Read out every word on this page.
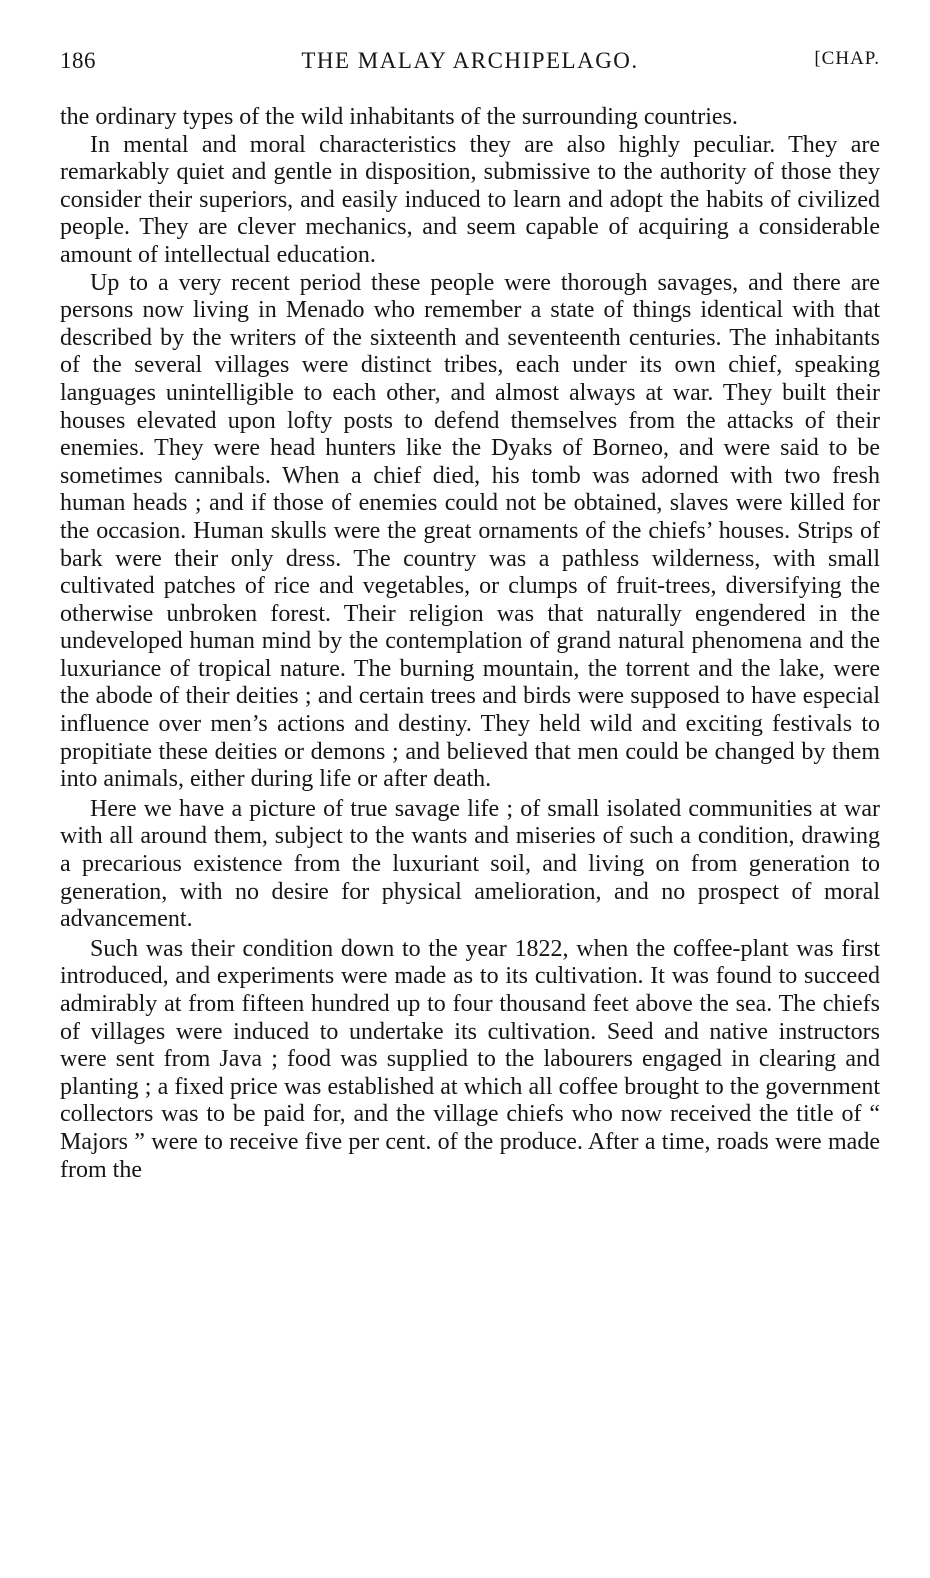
186	THE MALAY ARCHIPELAGO.	[CHAP.

the ordinary types of the wild inhabitants of the surrounding countries.

In mental and moral characteristics they are also highly peculiar. They are remarkably quiet and gentle in disposition, submissive to the authority of those they consider their superiors, and easily induced to learn and adopt the habits of civilized people. They are clever mechanics, and seem capable of acquiring a considerable amount of intellectual education.

Up to a very recent period these people were thorough savages, and there are persons now living in Menado who remember a state of things identical with that described by the writers of the sixteenth and seventeenth centuries. The inhabitants of the several villages were distinct tribes, each under its own chief, speaking languages unintelligible to each other, and almost always at war. They built their houses elevated upon lofty posts to defend themselves from the attacks of their enemies. They were head hunters like the Dyaks of Borneo, and were said to be sometimes cannibals. When a chief died, his tomb was adorned with two fresh human heads ; and if those of enemies could not be obtained, slaves were killed for the occasion. Human skulls were the great ornaments of the chiefs’ houses. Strips of bark were their only dress. The country was a pathless wilderness, with small cultivated patches of rice and vegetables, or clumps of fruit-trees, diversifying the otherwise unbroken forest. Their religion was that naturally engendered in the undeveloped human mind by the contemplation of grand natural phenomena and the luxuriance of tropical nature. The burning mountain, the torrent and the lake, were the abode of their deities ; and certain trees and birds were supposed to have especial influence over men’s actions and destiny. They held wild and exciting festivals to propitiate these deities or demons ; and believed that men could be changed by them into animals, either during life or after death.

Here we have a picture of true savage life ; of small isolated communities at war with all around them, subject to the wants and miseries of such a condition, drawing a precarious existence from the luxuriant soil, and living on from generation to generation, with no desire for physical amelioration, and no prospect of moral advancement.

Such was their condition down to the year 1822, when the coffee-plant was first introduced, and experiments were made as to its cultivation. It was found to succeed admirably at from fifteen hundred up to four thousand feet above the sea. The chiefs of villages were induced to undertake its cultivation. Seed and native instructors were sent from Java ; food was supplied to the labourers engaged in clearing and planting ; a fixed price was established at which all coffee brought to the government collectors was to be paid for, and the village chiefs who now received the title of “ Majors ” were to receive five per cent. of the produce. After a time, roads were made from the
